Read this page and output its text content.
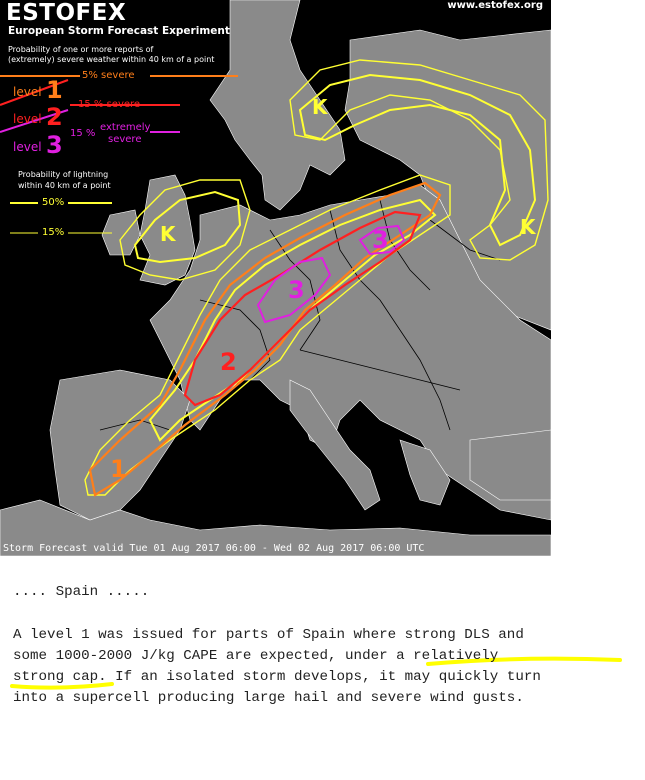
ESTOFEX
European Storm Forecast Experiment
www.estofex.org
Probability of one or more reports of
(extremely) severe weather within 40 km of a point
5% severe
level 1
15 % severe
level 2
15 %
extremely
severe
level 3
Probability of lightning
within 40 km of a point
50%
15%
K
K
K
1
2
3
3
Storm Forecast valid Tue 01 Aug 2017 06:00 - Wed 02 Aug 2017 06:00 UTC
.... Spain .....
A level 1 was issued for parts of Spain where strong DLS and
some 1000-2000 J/kg CAPE are expected, under a relatively
strong cap. If an isolated storm develops, it may quickly turn
into a supercell producing large hail and severe wind gusts.
